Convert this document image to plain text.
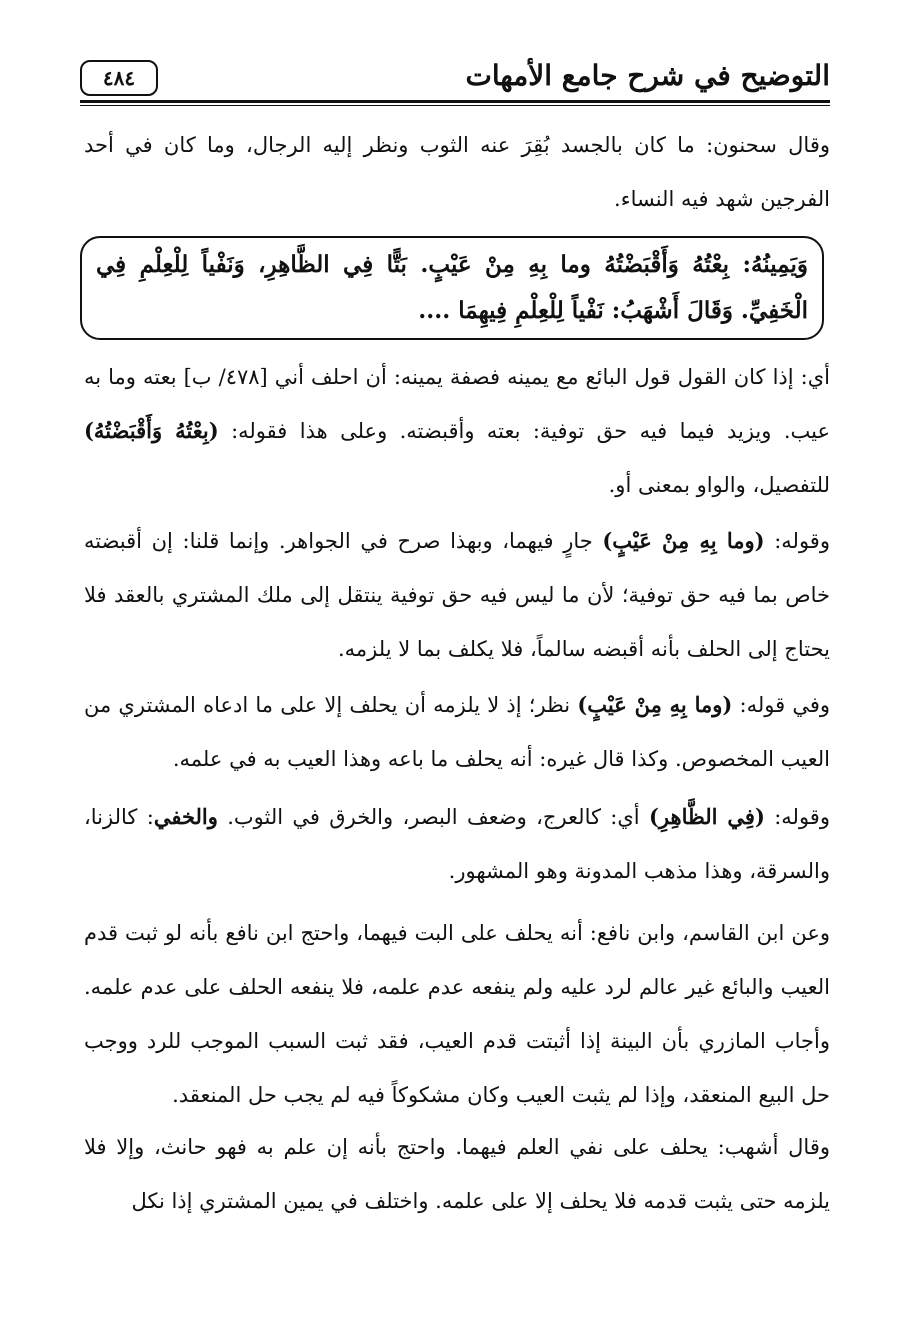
التوضيح في شرح جامع الأمهات
٤٨٤
وقال سحنون: ما كان بالجسد بُقِرَ عنه الثوب ونظر إليه الرجال، وما كان في أحد الفرجين شهد فيه النساء.
وَيَمِينُهُ: بِعْتُهُ وَأَقْبَضْتُهُ وما بِهِ مِنْ عَيْبٍ. بَتًّا فِي الظَّاهِرِ، وَنَفْياً لِلْعِلْمِ فِي الْخَفِيِّ. وَقَالَ أَشْهَبُ: نَفْياً لِلْعِلْمِ فِيهِمَا ....
أي: إذا كان القول قول البائع مع يمينه فصفة يمينه: أن احلف أني [٤٧٨/ ب] بعته وما به عيب. ويزيد فيما فيه حق توفية: بعته وأقبضته. وعلى هذا فقوله: (بِعْتُهُ وَأَقْبَضْتُهُ) للتفصيل، والواو بمعنى أو.
وقوله: (وما بِهِ مِنْ عَيْبٍ) جارٍ فيهما، وبهذا صرح في الجواهر. وإنما قلنا: إن أقبضته خاص بما فيه حق توفية؛ لأن ما ليس فيه حق توفية ينتقل إلى ملك المشتري بالعقد فلا يحتاج إلى الحلف بأنه أقبضه سالماً، فلا يكلف بما لا يلزمه.
وفي قوله: (وما بِهِ مِنْ عَيْبٍ) نظر؛ إذ لا يلزمه أن يحلف إلا على ما ادعاه المشتري من العيب المخصوص. وكذا قال غيره: أنه يحلف ما باعه وهذا العيب به في علمه.
وقوله: (فِي الظَّاهِرِ) أي: كالعرج، وضعف البصر، والخرق في الثوب. والخفي: كالزنا، والسرقة، وهذا مذهب المدونة وهو المشهور.
وعن ابن القاسم، وابن نافع: أنه يحلف على البت فيهما، واحتج ابن نافع بأنه لو ثبت قدم العيب والبائع غير عالم لرد عليه ولم ينفعه عدم علمه، فلا ينفعه الحلف على عدم علمه. وأجاب المازري بأن البينة إذا أثبتت قدم العيب، فقد ثبت السبب الموجب للرد ووجب حل البيع المنعقد، وإذا لم يثبت العيب وكان مشكوكاً فيه لم يجب حل المنعقد.
وقال أشهب: يحلف على نفي العلم فيهما. واحتج بأنه إن علم به فهو حانث، وإلا فلا يلزمه حتى يثبت قدمه فلا يحلف إلا على علمه. واختلف في يمين المشتري إذا نكل
